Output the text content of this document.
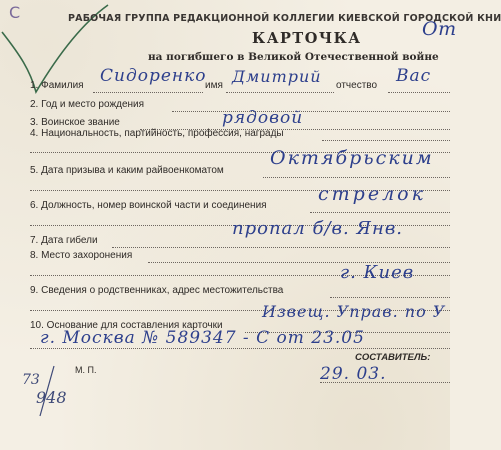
С	РАБОЧАЯ ГРУППА РЕДАКЦИОННОЙ КОЛЛЕГИИ КИЕВСКОЙ ГОРОДСКОЙ КНИ
От
КАРТОЧКА
на погибшего в Великой Отечественной войне
1. Фамилия Сидоренко
имя Дмитрий отчество Вас
2. Год и место рождения
3. Воинское звание	рядовой
4. Национальность, партийность, профессия, награды
5. Дата призыва и каким райвоенкоматом
Октябрьским
6. Должность, номер воинской части и соединения
стрелок
7. Дата гибели
пропал б/в. Янв.
8. Место захоронения
9. Сведения о родственниках, адрес местожительства
г. Киев
10. Основание для составления карточки
Извещ. Управ. по У
г. Москва № 589347 - С от 23.05
М. П.
СОСТАВИТЕЛЬ:
29. 03.
73
948
